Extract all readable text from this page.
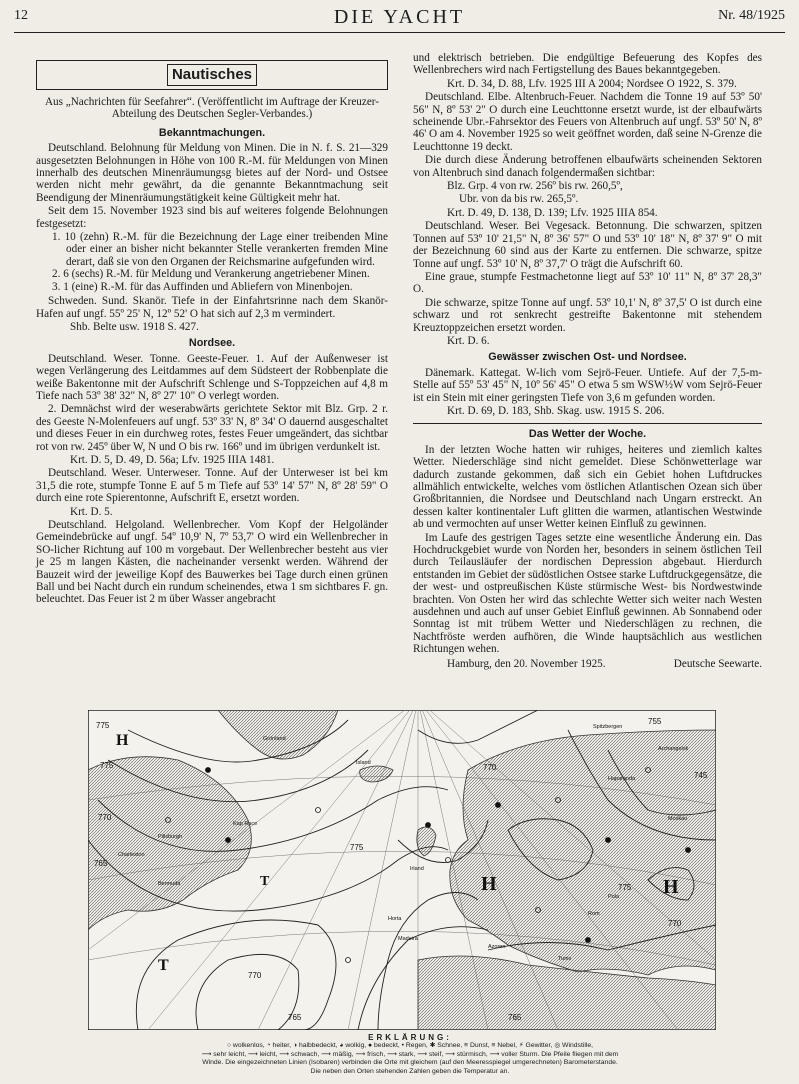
12	DIE YACHT	Nr. 48/1925
Nautisches
Aus „Nachrichten für Seefahrer“. (Veröffentlicht im Auftrage der Kreuzer-Abteilung des Deutschen Segler-Verbandes.)
Bekanntmachungen.

Deutschland. Belohnung für Meldung von Minen. Die in N. f. S. 21—329 ausgesetzten Belohnungen in Höhe von 100 R.-M. für Meldungen von Minen innerhalb des deutschen Minenräumungsg bietes auf der Nord- und Ostsee werden nicht mehr gewährt, da die genannte Bekanntmachung seit Beendigung der Minenräumungstätigkeit keine Gültigkeit mehr hat.

Seit dem 15. November 1923 sind bis auf weiteres folgende Belohnungen festgesetzt:

1. 10 (zehn) R.-M. für die Bezeichnung der Lage einer treibenden Mine oder einer an bisher nicht bekannter Stelle verankerten fremden Mine derart, daß sie von den Organen der Reichsmarine aufgefunden wird.
2. 6 (sechs) R.-M. für Meldung und Verankerung angetriebener Minen.
3. 1 (eine) R.-M. für das Auffinden und Abliefern von Minenbojen.

Schweden. Sund. Skanör. Tiefe in der Einfahrtsrinne nach dem Skanör-Hafen auf ungf. 55º 25' N, 12º 52' O hat sich auf 2,3 m vermindert.

Shb. Belte usw. 1918 S. 427.

Nordsee.

Deutschland. Weser. Tonne. Geeste-Feuer. 1. Auf der Außenweser ist wegen Verlängerung des Leitdammes auf dem Südsteert der Robbenplate die weiße Bakentonne mit der Aufschrift Schlenge und S-Toppzeichen auf 4,8 m Tiefe nach 53º 38' 32" N, 8º 27' 10" O verlegt worden.

2. Demnächst wird der weserabwärts gerichtete Sektor mit Blz. Grp. 2 r. des Geeste N-Molenfeuers auf ungf. 53º 33' N, 8º 34' O dauernd ausgeschaltet und dieses Feuer in ein durchweg rotes, festes Feuer umgeändert, das sichtbar rot von rw. 245º über W, N und O bis rw. 166º und im übrigen verdunkelt ist.

Krt. D. 5, D. 49, D. 56a; Lfv. 1925 IIIA 1481.

Deutschland. Weser. Unterweser. Tonne. Auf der Unterweser ist bei km 31,5 die rote, stumpfe Tonne E auf 5 m Tiefe auf 53º 14' 57" N, 8º 28' 59" O durch eine rote Spierentonne, Aufschrift E, ersetzt worden.

Krt. D. 5.

Deutschland. Helgoland. Wellenbrecher. Vom Kopf der Helgoländer Gemeindebrücke auf ungf. 54º 10,9' N, 7º 53,7' O wird ein Wellenbrecher in SO-licher Richtung auf 100 m vorgebaut. Der Wellenbrecher besteht aus vier je 25 m langen Kästen, die nacheinander versenkt werden. Während der Bauzeit wird der jeweilige Kopf des Bauwerkes bei Tage durch einen grünen Ball und bei Nacht durch ein rundum scheinendes, etwa 1 sm sichtbares F. gn. beleuchtet. Das Feuer ist 2 m über Wasser angebracht

und elektrisch betrieben. Die endgültige Befeuerung des Kopfes des Wellenbrechers wird nach Fertigstellung des Baues bekanntgegeben.

Krt. D. 34, D. 88, Lfv. 1925 III A 2004; Nordsee O 1922, S. 379.

Deutschland. Elbe. Altenbruch-Feuer. Nachdem die Tonne 19 auf 53º 50' 56" N, 8º 53' 2" O durch eine Leuchttonne ersetzt wurde, ist der elbaufwärts scheinende Ubr.-Fahrsektor des Feuers von Altenbruch auf ungf. 53º 50' N, 8º 46' O am 4. November 1925 so weit geöffnet worden, daß seine N-Grenze die Leuchttonne 19 deckt.

Die durch diese Änderung betroffenen elbaufwärts scheinenden Sektoren von Altenbruch sind danach folgendermaßen sichtbar:

Blz. Grp. 4 von rw. 256º bis rw. 260,5º,

Ubr. von da bis rw. 265,5º.

Krt. D. 49, D. 138, D. 139; Lfv. 1925 IIIA 854.

Deutschland. Weser. Bei Vegesack. Betonnung. Die schwarzen, spitzen Tonnen auf 53º 10' 21,5" N, 8º 36' 57" O und 53º 10' 18" N, 8º 37' 9" O mit der Bezeichnung 60 sind aus der Karte zu entfernen. Die schwarze, spitze Tonne auf ungf. 53º 10' N, 8º 37,7' O trägt die Aufschrift 60.

Eine graue, stumpfe Festmachetonne liegt auf 53º 10' 11" N, 8º 37' 28,3" O.

Die schwarze, spitze Tonne auf ungf. 53º 10,1' N, 8º 37,5' O ist durch eine schwarz und rot senkrecht gestreifte Bakentonne mit stehendem Kreuztoppzeichen ersetzt worden.

Krt. D. 6.

Gewässer zwischen Ost- und Nordsee.

Dänemark. Kattegat. W-lich vom Sejrö-Feuer. Untiefe. Auf der 7,5-m-Stelle auf 55º 53' 45" N, 10º 56' 45" O etwa 5 sm WSW½W vom Sejrö-Feuer ist ein Stein mit einer geringsten Tiefe von 3,6 m gefunden worden.

Krt. D. 69, D. 183, Shb. Skag. usw. 1915 S. 206.

Das Wetter der Woche.

In der letzten Woche hatten wir ruhiges, heiteres und ziemlich kaltes Wetter. Niederschläge sind nicht gemeldet. Diese Schönwetterlage war dadurch zustande gekommen, daß sich ein Gebiet hohen Luftdruckes allmählich entwickelte, welches vom östlichen Atlantischen Ozean sich über Großbritannien, die Nordsee und Deutschland nach Ungarn erstreckt. An dessen kalter kontinentaler Luft glitten die warmen, atlantischen Westwinde ab und vermochten auf unser Wetter keinen Einfluß zu gewinnen.

Im Laufe des gestrigen Tages setzte eine wesentliche Änderung ein. Das Hochdruckgebiet wurde von Norden her, besonders in seinem östlichen Teil durch Teilausläufer der nordischen Depression abgebaut. Hierdurch entstanden im Gebiet der südöstlichen Ostsee starke Luftdruckgegensätze, die der west- und ostpreußischen Küste stürmische West- bis Nordwestwinde brachten. Von Osten her wird das schlechte Wetter sich weiter nach Westen ausdehnen und auch auf unser Gebiet Einfluß gewinnen. Ab Sonnabend oder Sonntag ist mit trübem Wetter und Niederschlägen zu rechnen, die Nachtfröste werden aufhören, die Winde hauptsächlich aus westlichen Richtungen wehen.

Hamburg, den 20. November 1925.	Deutsche Seewarte.
775
775
770
765
770
765
775
770
765
755
745
775
770
H
H	H
T
T
Spitzbergen
Island
Grönland
Irland
Horta
Madeira
Bermuda
Azoren
Kap Race
Charleston
Pillsburgh
Haparanda
Archangelsk
Moskau
Rom
Tunis
Pola
ERKLÄRUNG:
○ wolkenlos, ◔ heiter, ◑ halbbedeckt, ◕ wolkig, ● bedeckt, • Regen, ✱ Schnee, ≡ Dunst, ≡ Nebel, ⚡ Gewitter, ◎ Windstille,
⟶ sehr leicht, ⟶ leicht, ⟶ schwach, ⟶ mäßig, ⟶ frisch, ⟶ stark, ⟶ steif, ⟶ stürmisch, ⟶ voller Sturm. Die Pfeile fliegen mit dem
Winde. Die eingezeichneten Linien (Isobaren) verbinden die Orte mit gleichem (auf den Meeresspiegel umgerechneten) Barometerstande.
Die neben den Orten stehenden Zahlen geben die Temperatur an.
